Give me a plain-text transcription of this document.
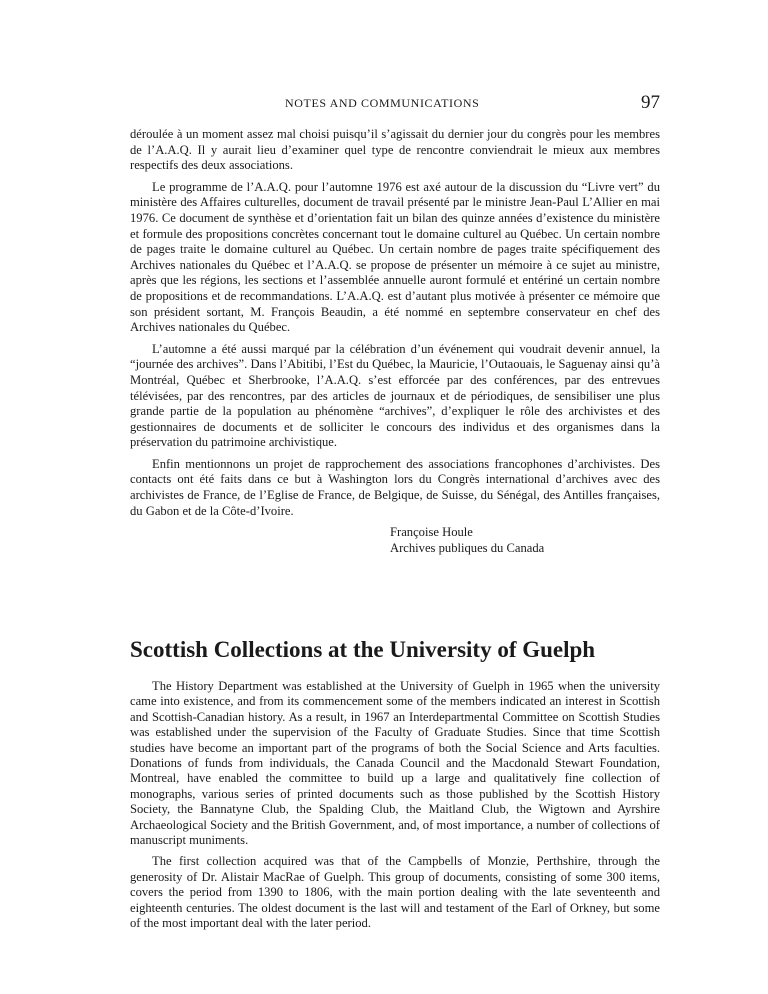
NOTES AND COMMUNICATIONS	97

déroulée à un moment assez mal choisi puisqu’il s’agissait du dernier jour du congrès pour les membres de l’A.A.Q. Il y aurait lieu d’examiner quel type de rencontre conviendrait le mieux aux membres respectifs des deux associations.

Le programme de l’A.A.Q. pour l’automne 1976 est axé autour de la discussion du “Livre vert” du ministère des Affaires culturelles, document de travail présenté par le ministre Jean-Paul L’Allier en mai 1976. Ce document de synthèse et d’orientation fait un bilan des quinze années d’existence du ministère et formule des propositions concrètes concernant tout le domaine culturel au Québec. Un certain nombre de pages traite le domaine culturel au Québec. Un certain nombre de pages traite spécifiquement des Archives nationales du Québec et l’A.A.Q. se propose de présenter un mémoire à ce sujet au ministre, après que les régions, les sections et l’assemblée annuelle auront formulé et entériné un certain nombre de propositions et de recommandations. L’A.A.Q. est d’autant plus motivée à présenter ce mémoire que son président sortant, M. François Beaudin, a été nommé en septembre conservateur en chef des Archives nationales du Québec.

L’automne a été aussi marqué par la célébration d’un événement qui voudrait devenir annuel, la “journée des archives”. Dans l’Abitibi, l’Est du Québec, la Mauricie, l’Outaouais, le Saguenay ainsi qu’à Montréal, Québec et Sherbrooke, l’A.A.Q. s’est efforcée par des conférences, par des entrevues télévisées, par des rencontres, par des articles de journaux et de périodiques, de sensibiliser une plus grande partie de la population au phénomène “archives”, d’expliquer le rôle des archivistes et des gestionnaires de documents et de solliciter le concours des individus et des organismes dans la préservation du patrimoine archivistique.

Enfin mentionnons un projet de rapprochement des associations francophones d’archivistes. Des contacts ont été faits dans ce but à Washington lors du Congrès international d’archives avec des archivistes de France, de l’Eglise de France, de Belgique, de Suisse, du Sénégal, des Antilles françaises, du Gabon et de la Côte-d’Ivoire.

Françoise Houle
Archives publiques du Canada
Scottish Collections at the University of Guelph

The History Department was established at the University of Guelph in 1965 when the university came into existence, and from its commencement some of the members indicated an interest in Scottish and Scottish-Canadian history. As a result, in 1967 an Interdepartmental Committee on Scottish Studies was established under the supervision of the Faculty of Graduate Studies. Since that time Scottish studies have become an important part of the programs of both the Social Science and Arts faculties. Donations of funds from individuals, the Canada Council and the Macdonald Stewart Foundation, Montreal, have enabled the committee to build up a large and qualitatively fine collection of monographs, various series of printed documents such as those published by the Scottish History Society, the Bannatyne Club, the Spalding Club, the Maitland Club, the Wigtown and Ayrshire Archaeological Society and the British Government, and, of most importance, a number of collections of manuscript muniments.

The first collection acquired was that of the Campbells of Monzie, Perthshire, through the generosity of Dr. Alistair MacRae of Guelph. This group of documents, consisting of some 300 items, covers the period from 1390 to 1806, with the main portion dealing with the late seventeenth and eighteenth centuries. The oldest document is the last will and testament of the Earl of Orkney, but some of the most important deal with the later period.
